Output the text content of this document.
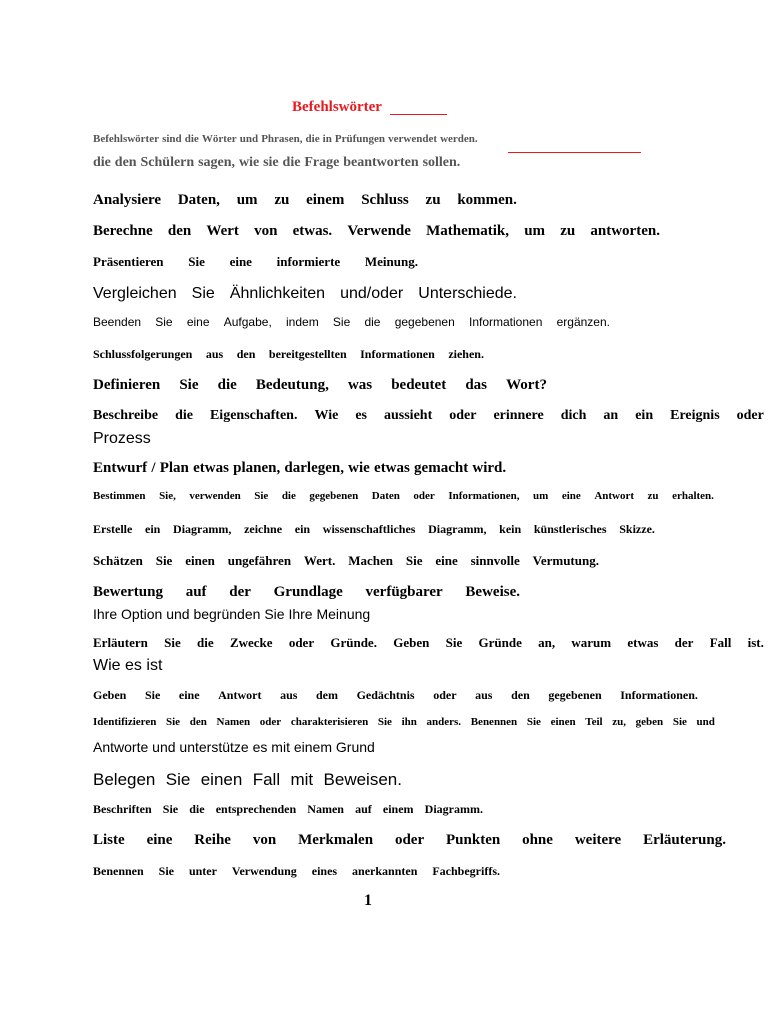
Befehlswörter
Befehlswörter sind die Wörter und Phrasen, die in Prüfungen verwendet werden.
die den Schülern sagen, wie sie die Frage beantworten sollen.
Analysiere Daten, um zu einem Schluss zu kommen.
Berechne den Wert von etwas. Verwende Mathematik, um zu antworten.
Präsentieren Sie eine informierte Meinung.
Vergleichen Sie Ähnlichkeiten und/oder Unterschiede.
Beenden Sie eine Aufgabe, indem Sie die gegebenen Informationen ergänzen.
Schlussfolgerungen aus den bereitgestellten Informationen ziehen.
Definieren Sie die Bedeutung, was bedeutet das Wort?
Beschreibe die Eigenschaften. Wie es aussieht oder erinnere dich an ein Ereignis oder
Prozess
Entwurf / Plan etwas planen, darlegen, wie etwas gemacht wird.
Bestimmen Sie, verwenden Sie die gegebenen Daten oder Informationen, um eine Antwort zu erhalten.
Erstelle ein Diagramm, zeichne ein wissenschaftliches Diagramm, kein künstlerisches Skizze.
Schätzen Sie einen ungefähren Wert. Machen Sie eine sinnvolle Vermutung.
Bewertung auf der Grundlage verfügbarer Beweise.
Ihre Option und begründen Sie Ihre Meinung
Erläutern Sie die Zwecke oder Gründe. Geben Sie Gründe an, warum etwas der Fall ist.
Wie es ist
Geben Sie eine Antwort aus dem Gedächtnis oder aus den gegebenen Informationen.
Identifizieren Sie den Namen oder charakterisieren Sie ihn anders. Benennen Sie einen Teil zu, geben Sie und
Antworte und unterstütze es mit einem Grund
Belegen Sie einen Fall mit Beweisen.
Beschriften Sie die entsprechenden Namen auf einem Diagramm.
Liste eine Reihe von Merkmalen oder Punkten ohne weitere Erläuterung.
Benennen Sie unter Verwendung eines anerkannten Fachbegriffs.
1
